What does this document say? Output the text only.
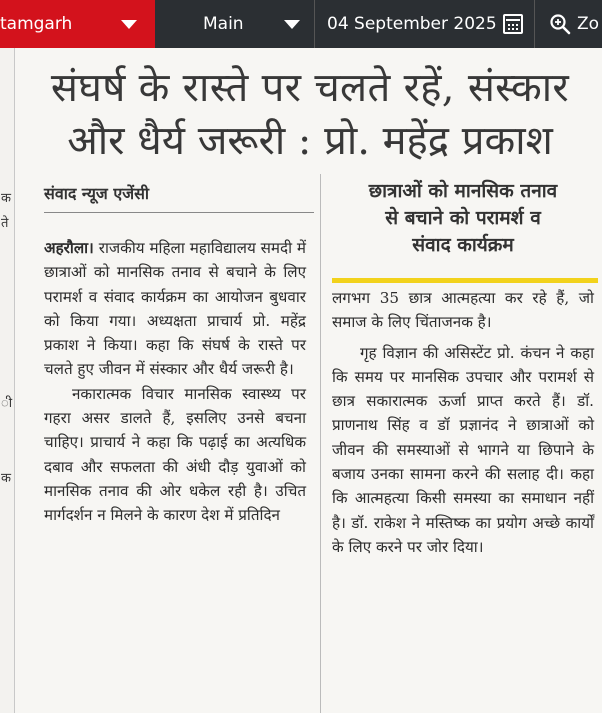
tamgarh	Main	04 September 2025	Zo
क
ते
ी
क
संघर्ष के रास्ते पर चलते रहें, संस्कार
और धैर्य जरूरी : प्रो. महेंद्र प्रकाश
संवाद न्यूज एजेंसी

अहरौला। राजकीय महिला महाविद्यालय समदी में छात्राओं को मानसिक तनाव से बचाने के लिए परामर्श व संवाद कार्यक्रम का आयोजन बुधवार को किया गया। अध्यक्षता प्राचार्य प्रो. महेंद्र प्रकाश ने किया। कहा कि संघर्ष के रास्ते पर चलते हुए जीवन में संस्कार और धैर्य जरूरी है।

नकारात्मक विचार मानसिक स्वास्थ्य पर गहरा असर डालते हैं, इसलिए उनसे बचना चाहिए। प्राचार्य ने कहा कि पढ़ाई का अत्यधिक दबाव और सफलता की अंधी दौड़ युवाओं को मानसिक तनाव की ओर धकेल रही है। उचित मार्गदर्शन न मिलने के कारण देश में प्रतिदिन

छात्राओं को मानसिक तनाव
से बचाने को परामर्श व
संवाद कार्यक्रम

लगभग 35 छात्र आत्महत्या कर रहे हैं, जो समाज के लिए चिंताजनक है।

गृह विज्ञान की असिस्टेंट प्रो. कंचन ने कहा कि समय पर मानसिक उपचार और परामर्श से छात्र सकारात्मक ऊर्जा प्राप्त करते हैं। डॉ. प्राणनाथ सिंह व डॉ प्रज्ञानंद ने छात्राओं को जीवन की समस्याओं से भागने या छिपाने के बजाय उनका सामना करने की सलाह दी। कहा कि आत्महत्या किसी समस्या का समाधान नहीं है। डॉ. राकेश ने मस्तिष्क का प्रयोग अच्छे कार्यों के लिए करने पर जोर दिया।
